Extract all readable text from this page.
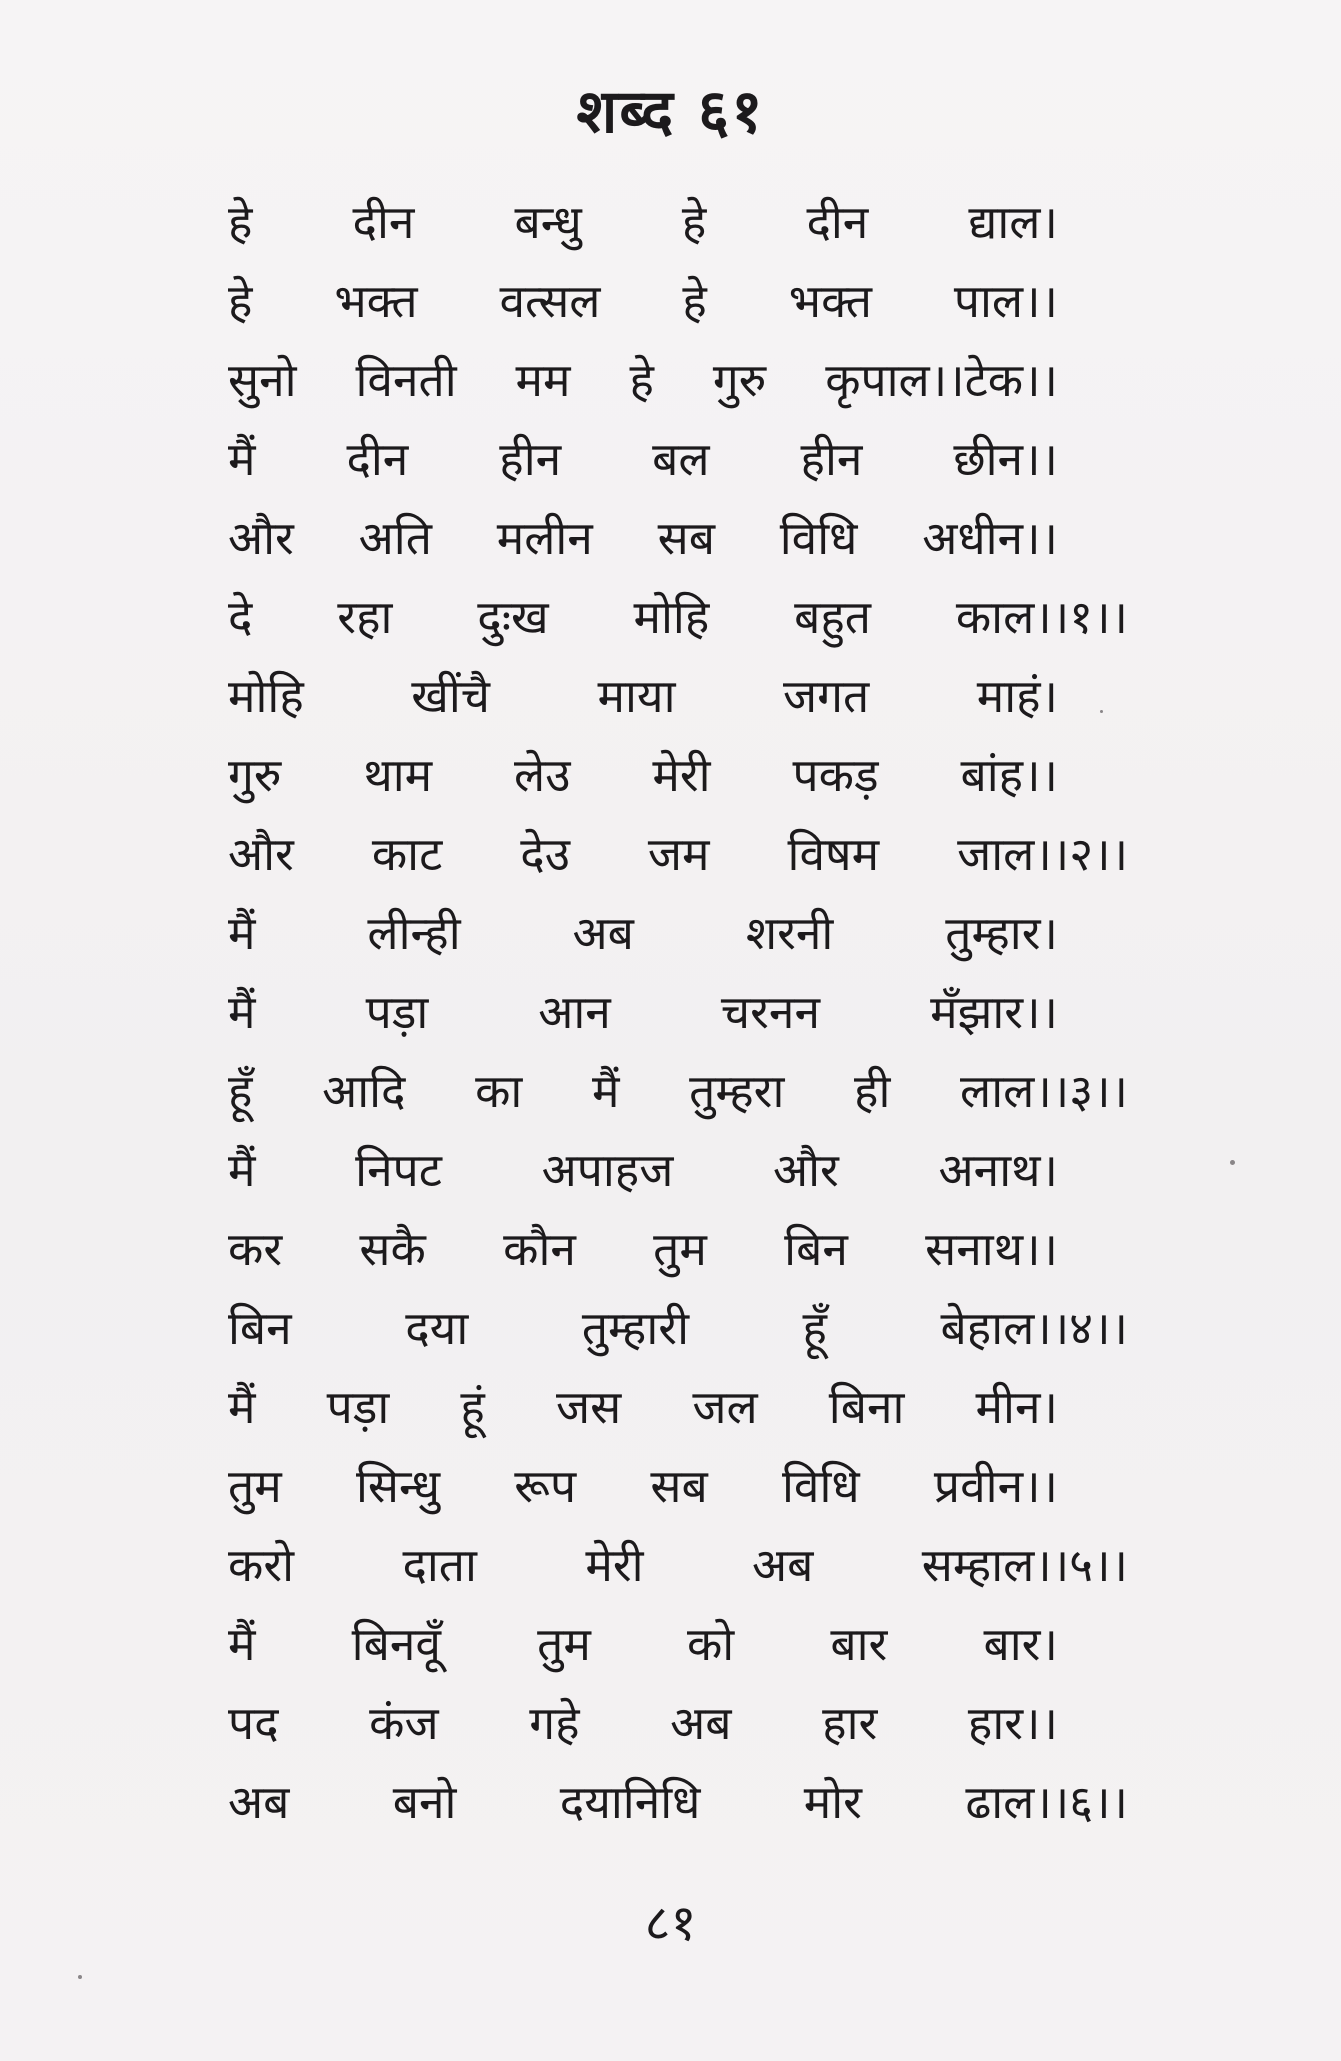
शब्द ६१
हे दीन बन्धु हे दीन द्याल।
हे भक्त वत्सल हे भक्त पाल।।
सुनो विनती मम हे गुरु कृपाल।।टेक।।
मैं दीन हीन बल हीन छीन।।
और अति मलीन सब विधि अधीन।।
दे रहा दुःख मोहि बहुत काल।।१।।
मोहि खींचै माया जगत माहं।
गुरु थाम लेउ मेरी पकड़ बांह।।
और काट देउ जम विषम जाल।।२।।
मैं लीन्ही अब शरनी तुम्हार।
मैं पड़ा आन चरनन मँझार।।
हूँ आदि का मैं तुम्हरा ही लाल।।३।।
मैं निपट अपाहज और अनाथ।
कर सकै कौन तुम बिन सनाथ।।
बिन दया तुम्हारी हूँ बेहाल।।४।।
मैं पड़ा हूं जस जल बिना मीन।
तुम सिन्धु रूप सब विधि प्रवीन।।
करो दाता मेरी अब सम्हाल।।५।।
मैं बिनवूँ तुम को बार बार।
पद कंज गहे अब हार हार।।
अब बनो दयानिधि मोर ढाल।।६।।
८१
